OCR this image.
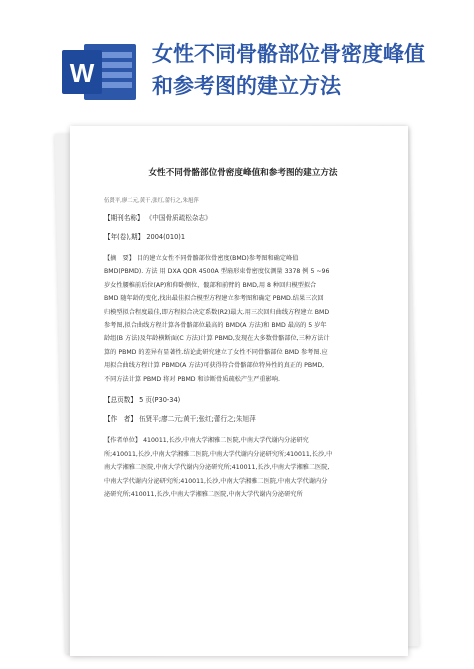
W
女性不同骨骼部位骨密度峰值
和参考图的建立方法
女性不同骨骼部位骨密度峰值和参考图的建立方法
伍贤平,廖二元,黄干,张红,蕾行之,朱旭萍
【期刊名称】 《中国骨质疏松杂志》
【年(卷),期】 2004(010)1
【摘　要】 目的建立女性不同骨骼部位骨密度(BMD)参考图和确定峰值
BMD(PBMD). 方法 用 DXA QDR 4500A 型扇形束骨密度仪测量 3378 例 5 ~96
岁女性腰椎前后位(AP)和仰卧侧位、髋部和前臂的 BMD,用 8 种回归模型拟合
BMD 随年龄的变化,找出最佳拟合模型方程建立参考图和确定 PBMD.结果三次回
归模型拟合程度最佳,即方程拟合决定系数(R2)最大.用三次回归曲线方程建立 BMD
参考图,拟合曲线方程计算各骨骼部位最高的 BMD(A 方法)和 BMD 最高的 5 岁年
龄组(B 方法)及年龄横断面(C 方法)计算 PBMD,发现在大多数骨骼部位,三种方法计
算的 PBMD 的差异有显著性.结论此研究建立了女性不同骨骼部位 BMD 参考图.应
用拟合曲线方程计算 PBMD(A 方法)可获得符合骨骼部位特异性的真正的 PBMD,
不同方法计算 PBMD 将对 PBMD 和诊断骨质疏松产生严重影响.
【总页数】 5 页(P30-34)
【作　者】 伍贤平;廖二元;黄干;张红;蕾行之;朱旭萍
【作者单位】 410011,长沙,中南大学湘雅二医院,中南大学代谢内分泌研究
所;410011,长沙,中南大学湘雅二医院,中南大学代谢内分泌研究所;410011,长沙,中
南大学湘雅二医院,中南大学代谢内分泌研究所;410011,长沙,中南大学湘雅二医院,
中南大学代谢内分泌研究所;410011,长沙,中南大学湘雅二医院,中南大学代谢内分
泌研究所;410011,长沙,中南大学湘雅二医院,中南大学代谢内分泌研究所
